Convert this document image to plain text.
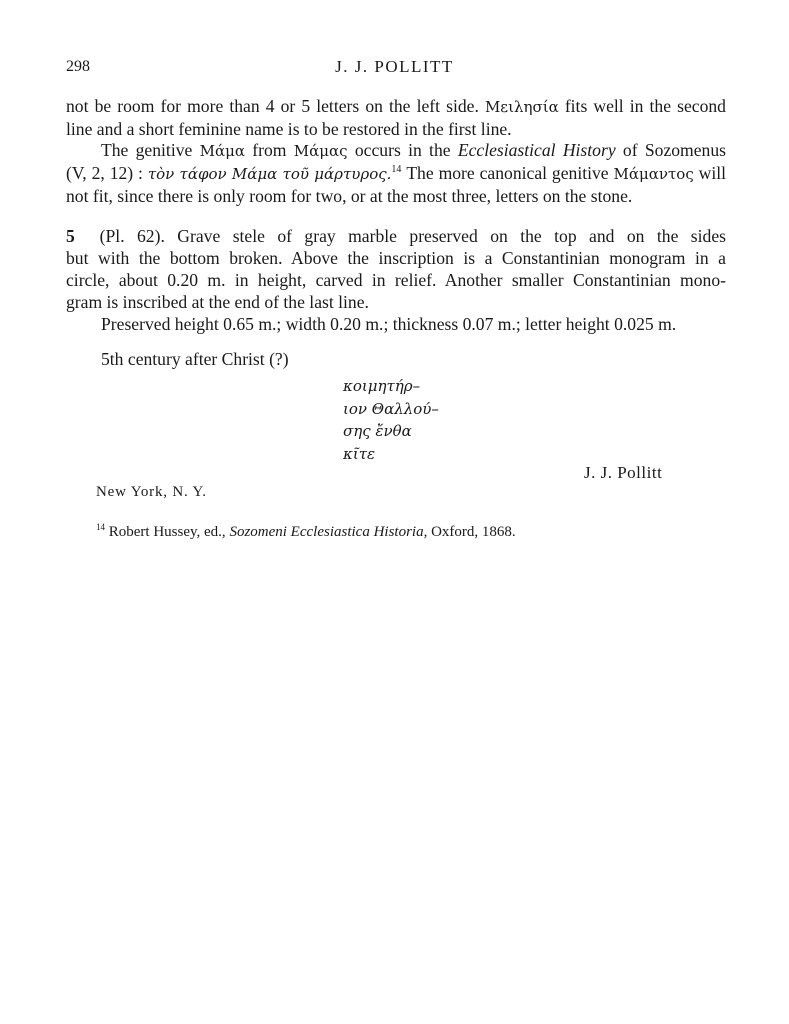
298	J. J. POLLITT
not be room for more than 4 or 5 letters on the left side. Μειλησία fits well in the second
line and a short feminine name is to be restored in the first line.
The genitive Μάμα from Μάμας occurs in the Ecclesiastical History of Sozomenus
(V, 2, 12) : τὸν τάφον Μάμα τοῦ μάρτυρος.$^{14}$ The more canonical genitive Μάμαντος will
not fit, since there is only room for two, or at the most three, letters on the stone.
5 (Pl. 62). Grave stele of gray marble preserved on the top and on the sides
but with the bottom broken. Above the inscription is a Constantinian monogram in a
circle, about 0.20 m. in height, carved in relief. Another smaller Constantinian mono-
gram is inscribed at the end of the last line.
Preserved height 0.65 m.; width 0.20 m.; thickness 0.07 m.; letter height 0.025 m.
5th century after Christ (?)
κοιμητήρ–
ιον Θαλλού–
σης ἔνθα
κῖτε
J. J. Pollitt
New York, N. Y.
$^{14}$ Robert Hussey, ed., Sozomeni Ecclesiastica Historia, Oxford, 1868.
